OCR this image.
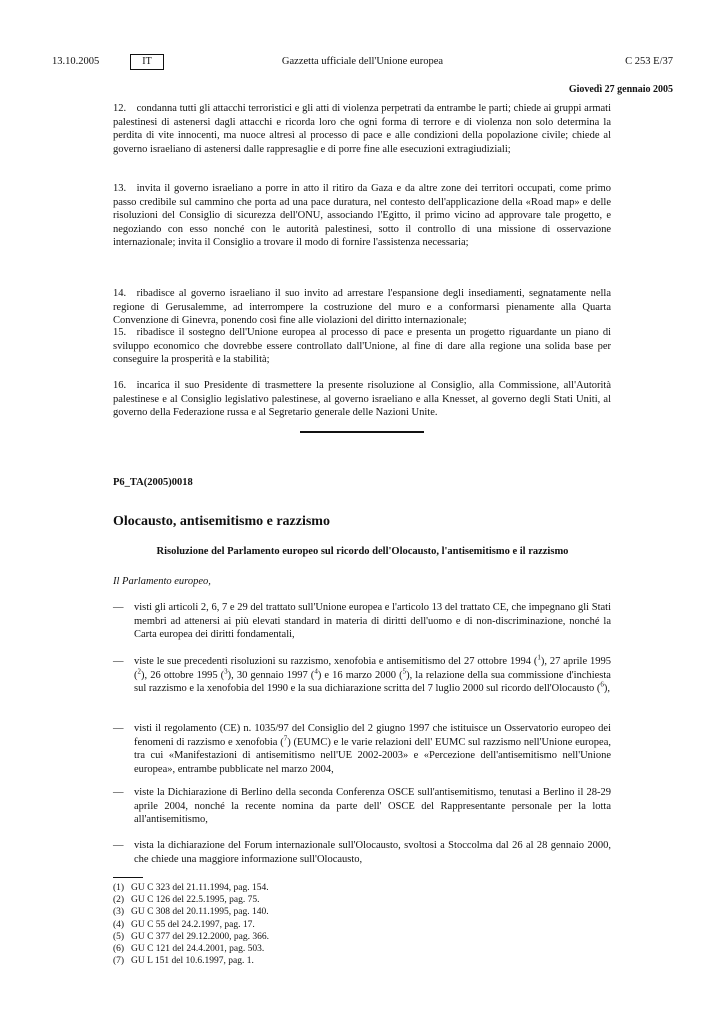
13.10.2005	IT	Gazzetta ufficiale dell'Unione europea	C 253 E/37
Giovedì 27 gennaio 2005

12. condanna tutti gli attacchi terroristici e gli atti di violenza perpetrati da entrambe le parti; chiede ai gruppi armati palestinesi di astenersi dagli attacchi e ricorda loro che ogni forma di terrore e di violenza non solo determina la perdita di vite innocenti, ma nuoce altresì al processo di pace e alle condizioni della popolazione civile; chiede al governo israeliano di astenersi dalle rappresaglie e di porre fine alle esecuzioni extragiudiziali;

13. invita il governo israeliano a porre in atto il ritiro da Gaza e da altre zone dei territori occupati, come primo passo credibile sul cammino che porta ad una pace duratura, nel contesto dell'applicazione della «Road map» e delle risoluzioni del Consiglio di sicurezza dell'ONU, associando l'Egitto, il primo vicino ad approvare tale progetto, e negoziando con esso nonché con le autorità palestinesi, sotto il controllo di una missione di osservazione internazionale; invita il Consiglio a trovare il modo di fornire l'assistenza necessaria;

14. ribadisce al governo israeliano il suo invito ad arrestare l'espansione degli insediamenti, segnatamente nella regione di Gerusalemme, ad interrompere la costruzione del muro e a conformarsi pienamente alla Quarta Convenzione di Ginevra, ponendo così fine alle violazioni del diritto internazionale;

15. ribadisce il sostegno dell'Unione europea al processo di pace e presenta un progetto riguardante un piano di sviluppo economico che dovrebbe essere controllato dall'Unione, al fine di dare alla regione una solida base per conseguire la prosperità e la stabilità;

16. incarica il suo Presidente di trasmettere la presente risoluzione al Consiglio, alla Commissione, all'Autorità palestinese e al Consiglio legislativo palestinese, al governo israeliano e alla Knesset, al governo degli Stati Uniti, al governo della Federazione russa e al Segretario generale delle Nazioni Unite.

P6_TA(2005)0018
Olocausto, antisemitismo e razzismo
Risoluzione del Parlamento europeo sul ricordo dell'Olocausto, l'antisemitismo e il razzismo
Il Parlamento europeo,
— visti gli articoli 2, 6, 7 e 29 del trattato sull'Unione europea e l'articolo 13 del trattato CE, che impegnano gli Stati membri ad attenersi ai più elevati standard in materia di diritti dell'uomo e di non-discriminazione, nonché la Carta europea dei diritti fondamentali,
— viste le sue precedenti risoluzioni su razzismo, xenofobia e antisemitismo del 27 ottobre 1994 ($^1$), 27 aprile 1995 ($^2$), 26 ottobre 1995 ($^3$), 30 gennaio 1997 ($^4$) e 16 marzo 2000 ($^5$), la relazione della sua commissione d'inchiesta sul razzismo e la xenofobia del 1990 e la sua dichiarazione scritta del 7 luglio 2000 sul ricordo dell'Olocausto ($^6$),
— visti il regolamento (CE) n. 1035/97 del Consiglio del 2 giugno 1997 che istituisce un Osservatorio europeo dei fenomeni di razzismo e xenofobia ($^7$) (EUMC) e le varie relazioni dell' EUMC sul razzismo nell'Unione europea, tra cui «Manifestazioni di antisemitismo nell'UE 2002-2003» e «Percezione dell'antisemitismo nell'Unione europea», entrambe pubblicate nel marzo 2004,
— viste la Dichiarazione di Berlino della seconda Conferenza OSCE sull'antisemitismo, tenutasi a Berlino il 28-29 aprile 2004, nonché la recente nomina da parte dell' OSCE del Rappresentante personale per la lotta all'antisemitismo,
— vista la dichiarazione del Forum internazionale sull'Olocausto, svoltosi a Stoccolma dal 26 al 28 gennaio 2000, che chiede una maggiore informazione sull'Olocausto,
(1) GU C 323 del 21.11.1994, pag. 154.
(2) GU C 126 del 22.5.1995, pag. 75.
(3) GU C 308 del 20.11.1995, pag. 140.
(4) GU C 55 del 24.2.1997, pag. 17.
(5) GU C 377 del 29.12.2000, pag. 366.
(6) GU C 121 del 24.4.2001, pag. 503.
(7) GU L 151 del 10.6.1997, pag. 1.
